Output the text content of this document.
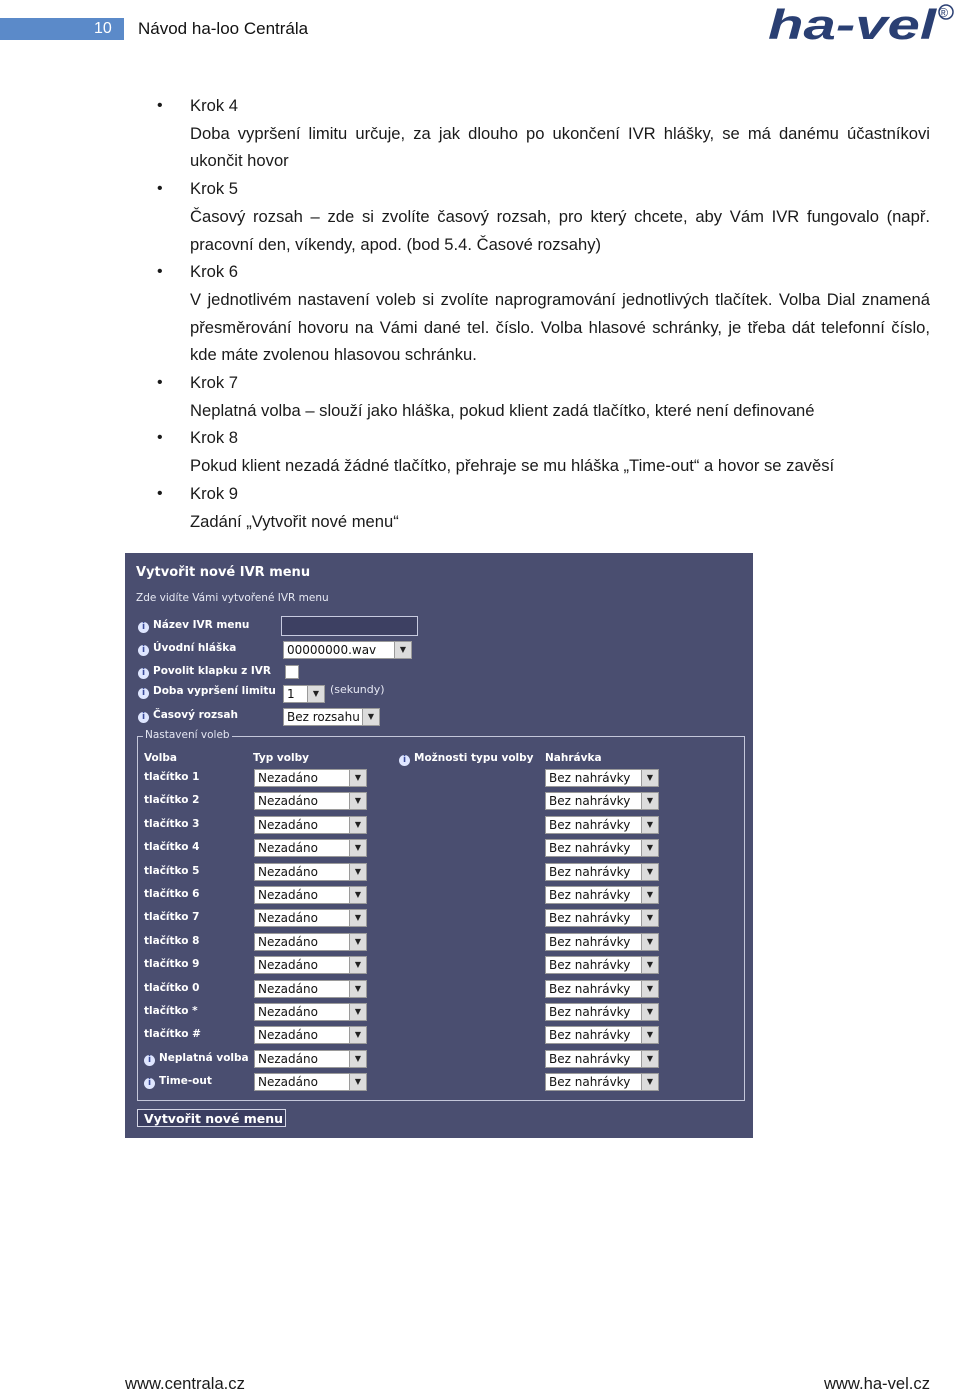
10 Návod ha-loo Centrála	ha-vel ®
• Krok 4
Doba vypršení limitu určuje, za jak dlouho po ukončení IVR hlášky, se má danému účastníkovi ukončit hovor
• Krok 5
Časový rozsah – zde si zvolíte časový rozsah, pro který chcete, aby Vám IVR fungovalo (např. pracovní den, víkendy, apod. (bod 5.4. Časové rozsahy)
• Krok 6
V jednotlivém nastavení voleb si zvolíte naprogramování jednotlivých tlačítek. Volba Dial znamená přesměrování hovoru na Vámi dané tel. číslo. Volba hlasové schránky, je třeba dát telefonní číslo, kde máte zvolenou hlasovou schránku.
• Krok 7
Neplatná volba – slouží jako hláška, pokud klient zadá tlačítko, které není definované
• Krok 8
Pokud klient nezadá žádné tlačítko, přehraje se mu hláška „Time-out“ a hovor se zavěsí
• Krok 9
Zadání „Vytvořit nové menu“
Vytvořit nové IVR menu
Zde vidíte Vámi vytvořené IVR menu
i Název IVR menu
i Úvodní hláška	00000000.wav	▼
i Povolit klapku z IVR
i Doba vypršení limitu 1	▼ (sekundy)
i Časový rozsah	Bez rozsahu	▼
Nastavení voleb
Volba	Typ volby	i Možnosti typu volby Nahrávka
tlačítko 1	Nezadáno	▼	Bez nahrávky	▼
tlačítko 2	Nezadáno	▼	Bez nahrávky	▼
tlačítko 3	Nezadáno	▼	Bez nahrávky	▼
tlačítko 4	Nezadáno	▼	Bez nahrávky	▼
tlačítko 5	Nezadáno	▼	Bez nahrávky	▼
tlačítko 6	Nezadáno	▼	Bez nahrávky	▼
tlačítko 7	Nezadáno	▼	Bez nahrávky	▼
tlačítko 8	Nezadáno	▼	Bez nahrávky	▼
tlačítko 9	Nezadáno	▼	Bez nahrávky	▼
tlačítko 0	Nezadáno	▼	Bez nahrávky	▼
tlačítko *	Nezadáno	▼	Bez nahrávky	▼
tlačítko #	Nezadáno	▼	Bez nahrávky	▼
i Neplatná volba Nezadáno	▼	Bez nahrávky	▼
i Time-out	Nezadáno	▼	Bez nahrávky	▼
Vytvořit nové menu
www.centrala.cz	www.ha-vel.cz
